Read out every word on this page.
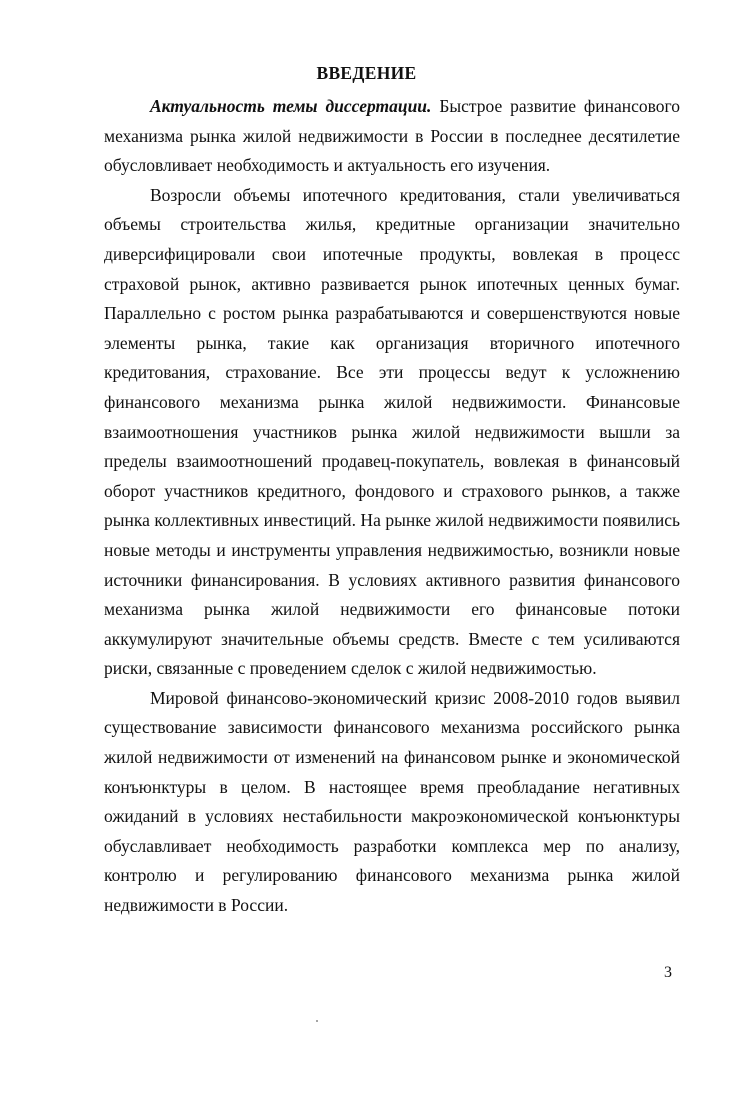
ВВЕДЕНИЕ

Актуальность темы диссертации. Быстрое развитие финансового механизма рынка жилой недвижимости в России в последнее десятилетие обусловливает необходимость и актуальность его изучения.

Возросли объемы ипотечного кредитования, стали увеличиваться объемы строительства жилья, кредитные организации значительно диверсифицировали свои ипотечные продукты, вовлекая в процесс страховой рынок, активно развивается рынок ипотечных ценных бумаг. Параллельно с ростом рынка разрабатываются и совершенствуются новые элементы рынка, такие как организация вторичного ипотечного кредитования, страхование. Все эти процессы ведут к усложнению финансового механизма рынка жилой недвижимости. Финансовые взаимоотношения участников рынка жилой недвижимости вышли за пределы взаимоотношений продавец-покупатель, вовлекая в финансовый оборот участников кредитного, фондового и страхового рынков, а также рынка коллективных инвестиций. На рынке жилой недвижимости появились новые методы и инструменты управления недвижимостью, возникли новые источники финансирования. В условиях активного развития финансового механизма рынка жилой недвижимости его финансовые потоки аккумулируют значительные объемы средств. Вместе с тем усиливаются риски, связанные с проведением сделок с жилой недвижимостью.

Мировой финансово-экономический кризис 2008-2010 годов выявил существование зависимости финансового механизма российского рынка жилой недвижимости от изменений на финансовом рынке и экономической конъюнктуры в целом. В настоящее время преобладание негативных ожиданий в условиях нестабильности макроэкономической конъюнктуры обуславливает необходимость разработки комплекса мер по анализу, контролю и регулированию финансового механизма рынка жилой недвижимости в России.

3
